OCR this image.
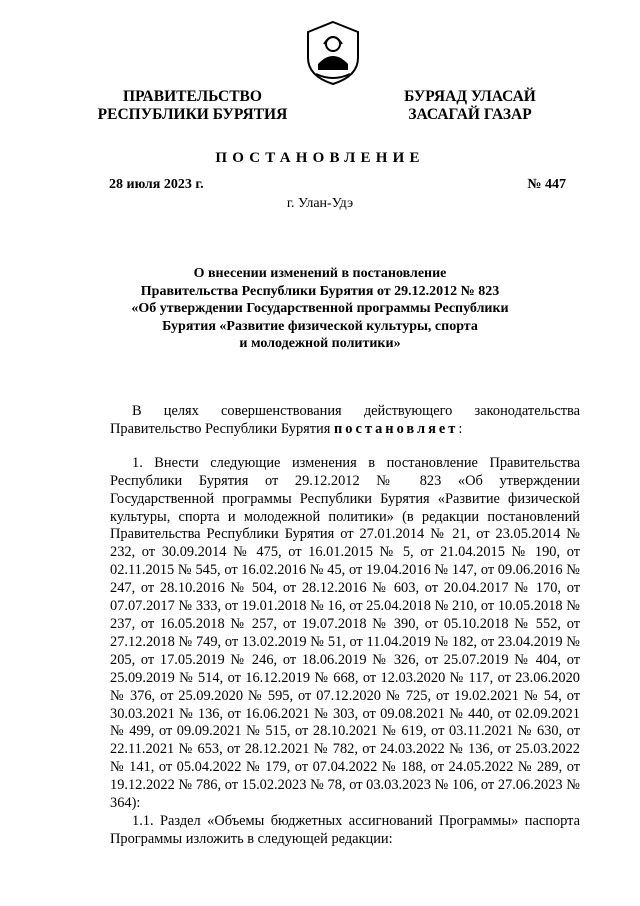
ПРАВИТЕЛЬСТВО
РЕСПУБЛИКИ БУРЯТИЯ
БУРЯАД УЛАСАЙ
ЗАСАГАЙ ГАЗАР
ПОСТАНОВЛЕНИЕ
28 июля 2023 г.	№ 447
г. Улан-Удэ
О внесении изменений в постановление
Правительства Республики Бурятия от 29.12.2012 № 823
«Об утверждении Государственной программы Республики
Бурятия «Развитие физической культуры, спорта
и молодежной политики»

В целях совершенствования действующего законодательства Правительство Республики Бурятия постановляет:

1. Внести следующие изменения в постановление Правительства Республики Бурятия от 29.12.2012 № 823 «Об утверждении Государственной программы Республики Бурятия «Развитие физической культуры, спорта и молодежной политики» (в редакции постановлений Правительства Республики Бурятия от 27.01.2014 № 21, от 23.05.2014 № 232, от 30.09.2014 № 475, от 16.01.2015 № 5, от 21.04.2015 № 190, от 02.11.2015 № 545, от 16.02.2016 № 45, от 19.04.2016 № 147, от 09.06.2016 № 247, от 28.10.2016 № 504, от 28.12.2016 № 603, от 20.04.2017 № 170, от 07.07.2017 № 333, от 19.01.2018 № 16, от 25.04.2018 № 210, от 10.05.2018 № 237, от 16.05.2018 № 257, от 19.07.2018 № 390, от 05.10.2018 № 552, от 27.12.2018 № 749, от 13.02.2019 № 51, от 11.04.2019 № 182, от 23.04.2019 № 205, от 17.05.2019 № 246, от 18.06.2019 № 326, от 25.07.2019 № 404, от 25.09.2019 № 514, от 16.12.2019 № 668, от 12.03.2020 № 117, от 23.06.2020 № 376, от 25.09.2020 № 595, от 07.12.2020 № 725, от 19.02.2021 № 54, от 30.03.2021 № 136, от 16.06.2021 № 303, от 09.08.2021 № 440, от 02.09.2021 № 499, от 09.09.2021 № 515, от 28.10.2021 № 619, от 03.11.2021 № 630, от 22.11.2021 № 653, от 28.12.2021 № 782, от 24.03.2022 № 136, от 25.03.2022 № 141, от 05.04.2022 № 179, от 07.04.2022 № 188, от 24.05.2022 № 289, от 19.12.2022 № 786, от 15.02.2023 № 78, от 03.03.2023 № 106, от 27.06.2023 № 364):

1.1. Раздел «Объемы бюджетных ассигнований Программы» паспорта Программы изложить в следующей редакции:
